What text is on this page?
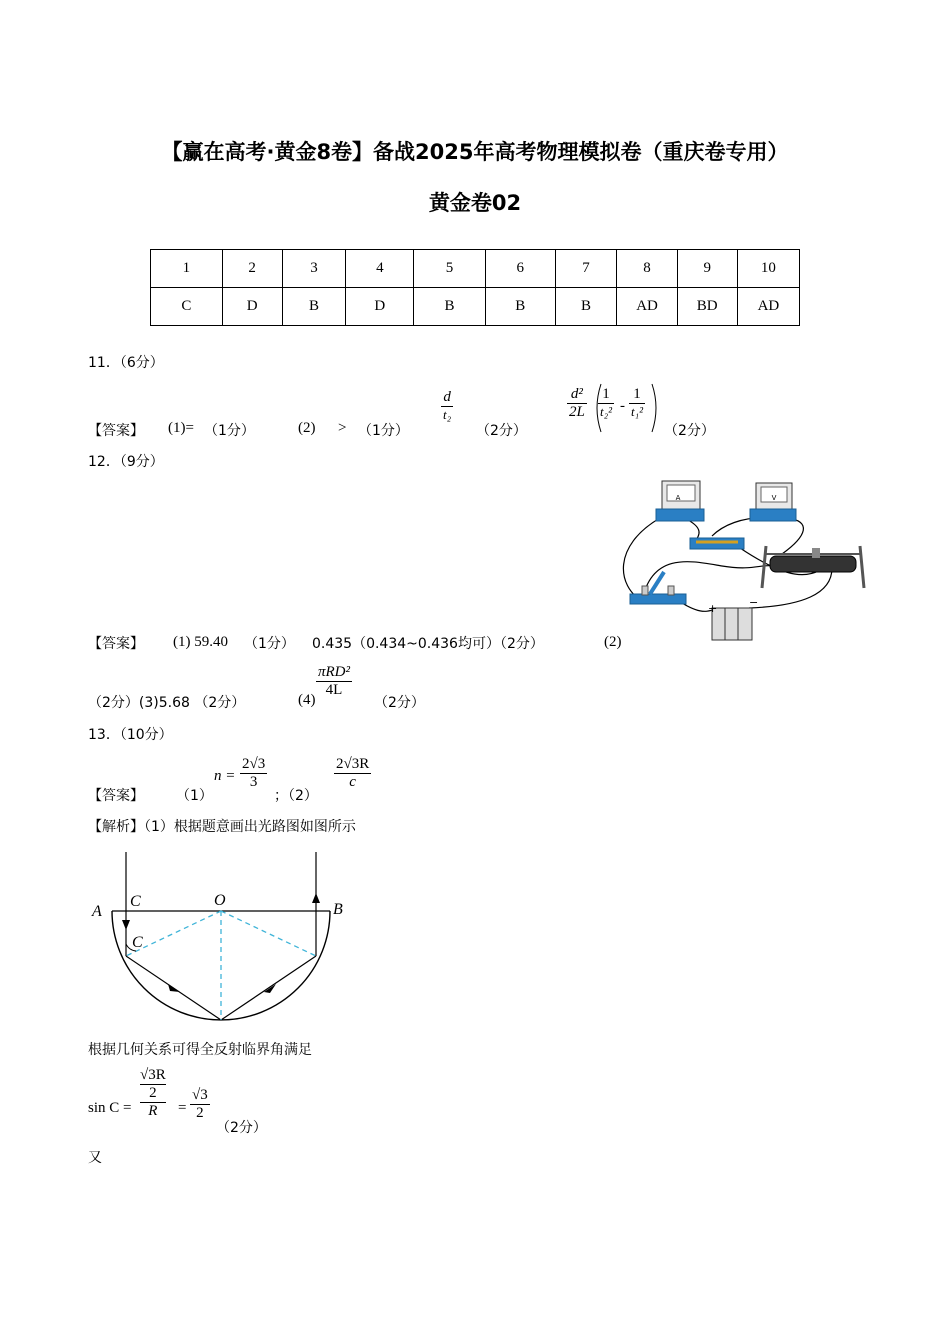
【赢在高考·黄金8卷】备战2025年高考物理模拟卷（重庆卷专用）
黄金卷02
1	2	3	4	5	6	7	8	9	10
C	D	B	D	B	B	B	AD	BD	AD
11．（6分）
【答案】 (1)= （1分）	(2) > （1分）
$\frac{d}{\text{t₂}}$
（2分）
$\frac{\text{d²}}{2L} \frac{1}{\text{t₂²}} - \frac{1}{\text{t₁²}}$
（2分）
12．（9分）
A	V
+	−
【答案】 (1) 59.40 （1分） 0.435（0.434~0.436均可）（2分）	(2)
（2分）(3)5.68 （2分）	(4)
πRD²
4L
（2分）
13．（10分）
【答案】 （1）
$n = \frac{2√3}{3}$
；（2）
$\frac{2√3R}{c}$
【解析】（1）根据题意画出光路图如图所示
A
C	O
B
C
根据几何关系可得全反射临界角满足
sin C = √3R
2
$R = \frac{√3}{2}$
（2分）
又
